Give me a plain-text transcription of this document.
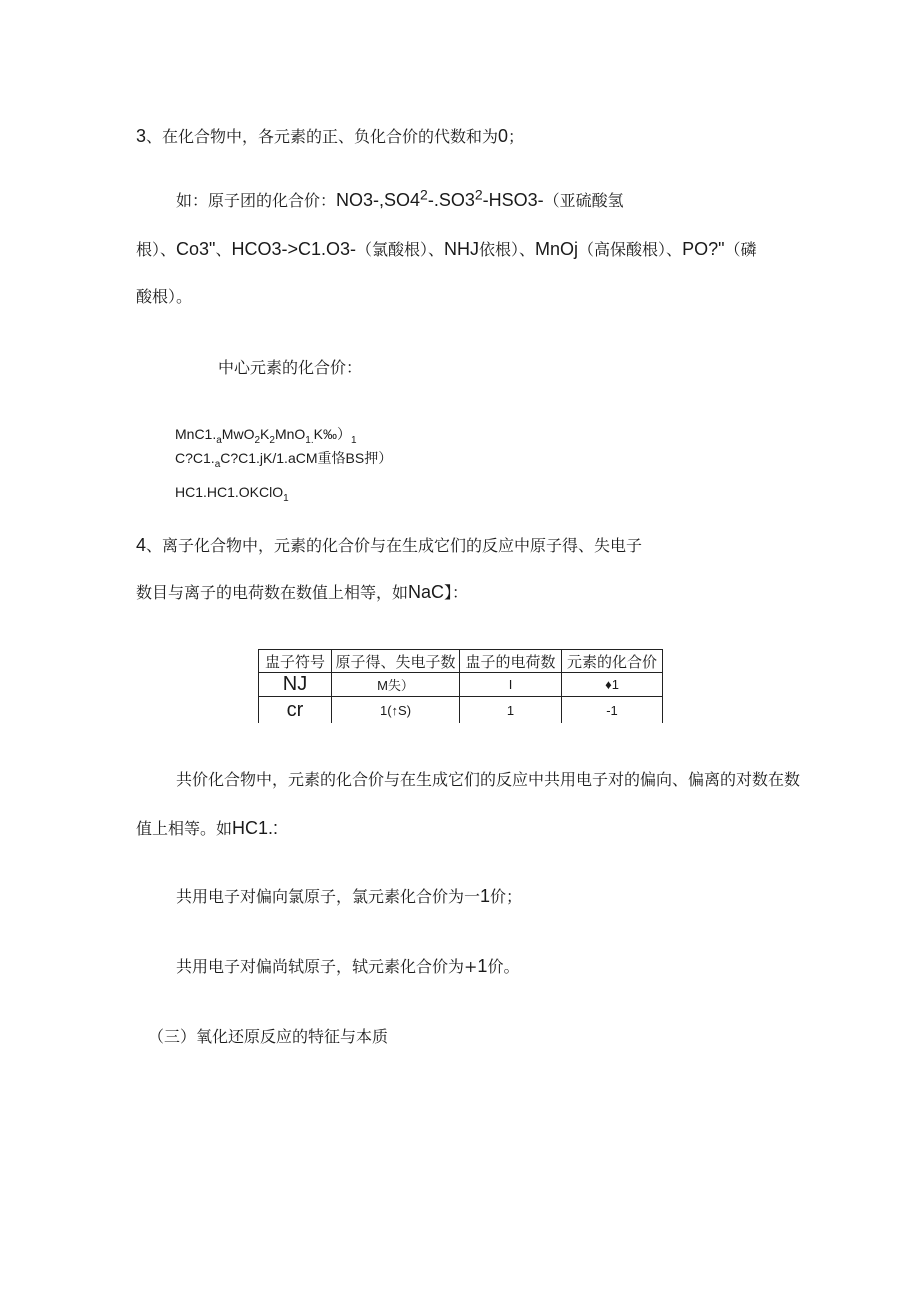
3、在化合物中，各元素的正、负化合价的代数和为0；
如：原子团的化合价：$NO3-,SO4^2-.SO3^2-HSO3-$（亚硫酸氢
根）、Co3"、HCO3->C1.O3-（氯酸根）、NHJ依根）、MnOj（高保酸根）、PO?"（磷
酸根）。
中心元素的化合价：
$MnC1._aMwO_2K_2MnO_{1.}K‰)_1$
$C?C1._aC?C1.jK/1.aCM$重恪BS押）
HC1.HC1.OKClO$_1$
4、离子化合物中，元素的化合价与在生成它们的反应中原子得、失电子
数目与离子的电荷数在数值上相等，如NaC】：
盅子符号	原子得、失电子数	盅子的电荷数	元素的化合价
NJ	M失）	I	♦1
cr	1(↑S)	1	-1
共价化合物中，元素的化合价与在生成它们的反应中共用电子对的偏向、偏离的对数在数
值上相等。如HC1.:
共用电子对偏向氯原子，氯元素化合价为一1价；
共用电子对偏尚轼原子，轼元素化合价为+1价。
（三）氧化还原反应的特征与本质
